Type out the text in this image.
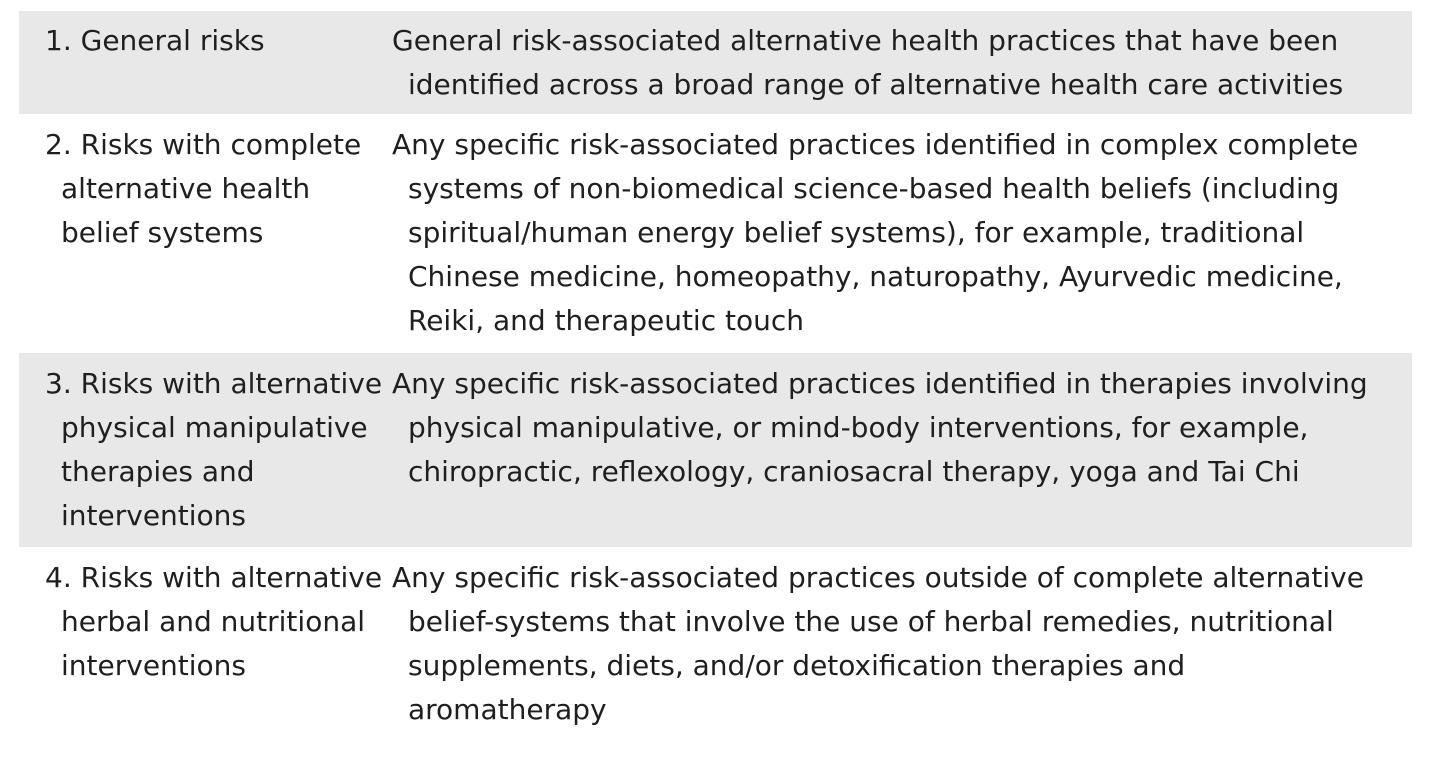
1. General risks	General risk-associated alternative health practices that have been identified across a broad range of alternative health care activities
2. Risks with complete alternative health belief systems	Any specific risk-associated practices identified in complex complete systems of non-biomedical science-based health beliefs (including spiritual/human energy belief systems), for example, traditional Chinese medicine, homeopathy, naturopathy, Ayurvedic medicine, Reiki, and therapeutic touch
3. Risks with alternative physical manipulative therapies and interventions	Any specific risk-associated practices identified in therapies involving physical manipulative, or mind-body interventions, for example, chiropractic, reflexology, craniosacral therapy, yoga and Tai Chi
4. Risks with alternative herbal and nutritional interventions	Any specific risk-associated practices outside of complete alternative belief-systems that involve the use of herbal remedies, nutritional supplements, diets, and/or detoxification therapies and aromatherapy
